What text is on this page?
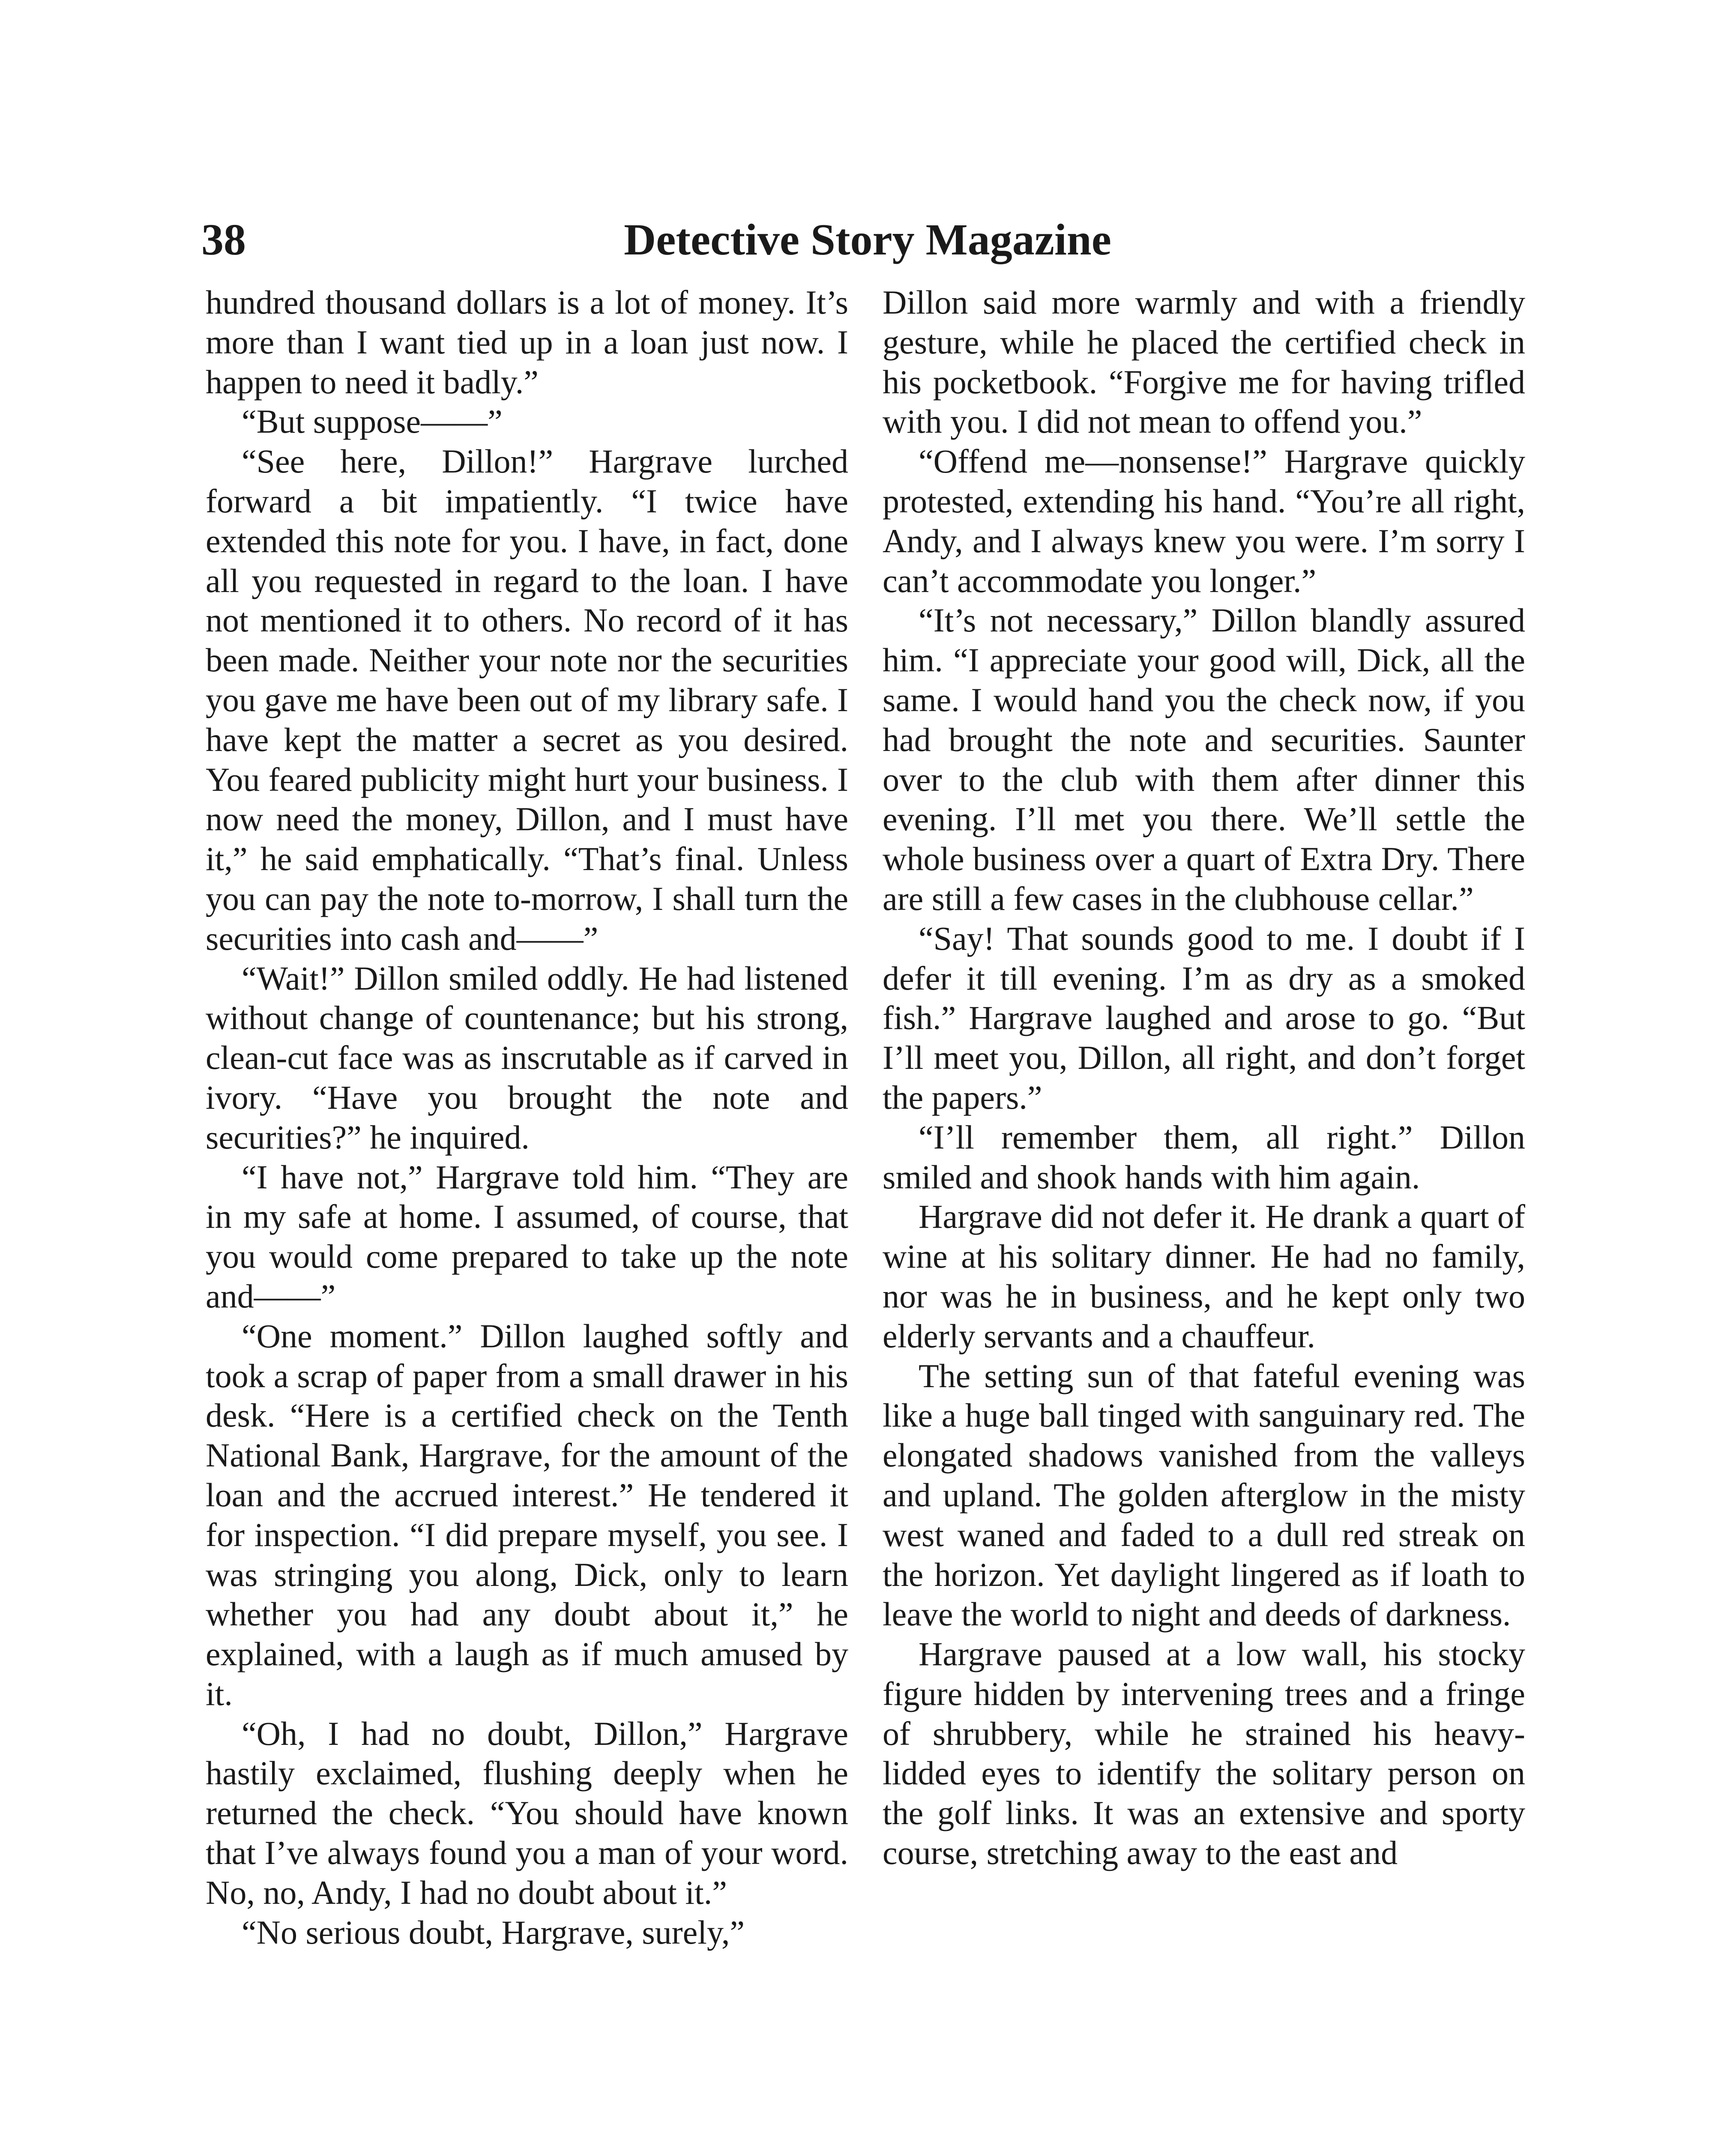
38	Detective Story Magazine

hundred thousand dollars is a lot of money. It’s more than I want tied up in a loan just now. I happen to need it badly.”

“But suppose——”

“See here, Dillon!” Hargrave lurched forward a bit impatiently. “I twice have extended this note for you. I have, in fact, done all you requested in regard to the loan. I have not mentioned it to others. No record of it has been made. Neither your note nor the securities you gave me have been out of my library safe. I have kept the matter a secret as you desired. You feared publicity might hurt your business. I now need the money, Dillon, and I must have it,” he said emphatically. “That’s final. Unless you can pay the note to-morrow, I shall turn the securities into cash and——”

“Wait!” Dillon smiled oddly. He had listened without change of countenance; but his strong, clean-cut face was as inscrutable as if carved in ivory. “Have you brought the note and securities?” he inquired.

“I have not,” Hargrave told him. “They are in my safe at home. I assumed, of course, that you would come prepared to take up the note and——”

“One moment.” Dillon laughed softly and took a scrap of paper from a small drawer in his desk. “Here is a certified check on the Tenth National Bank, Hargrave, for the amount of the loan and the accrued interest.” He tendered it for inspection. “I did prepare myself, you see. I was stringing you along, Dick, only to learn whether you had any doubt about it,” he explained, with a laugh as if much amused by it.

“Oh, I had no doubt, Dillon,” Hargrave hastily exclaimed, flushing deeply when he returned the check. “You should have known that I’ve always found you a man of your word. No, no, Andy, I had no doubt about it.”

“No serious doubt, Hargrave, surely,”

Dillon said more warmly and with a friendly gesture, while he placed the certified check in his pocketbook. “Forgive me for having trifled with you. I did not mean to offend you.”

“Offend me—nonsense!” Hargrave quickly protested, extending his hand. “You’re all right, Andy, and I always knew you were. I’m sorry I can’t accommodate you longer.”

“It’s not necessary,” Dillon blandly assured him. “I appreciate your good will, Dick, all the same. I would hand you the check now, if you had brought the note and securities. Saunter over to the club with them after dinner this evening. I’ll met you there. We’ll settle the whole business over a quart of Extra Dry. There are still a few cases in the clubhouse cellar.”

“Say! That sounds good to me. I doubt if I defer it till evening. I’m as dry as a smoked fish.” Hargrave laughed and arose to go. “But I’ll meet you, Dillon, all right, and don’t forget the papers.”

“I’ll remember them, all right.” Dillon smiled and shook hands with him again.

Hargrave did not defer it. He drank a quart of wine at his solitary dinner. He had no family, nor was he in business, and he kept only two elderly servants and a chauffeur.

The setting sun of that fateful evening was like a huge ball tinged with sanguinary red. The elongated shadows vanished from the valleys and upland. The golden afterglow in the misty west waned and faded to a dull red streak on the horizon. Yet daylight lingered as if loath to leave the world to night and deeds of darkness.

Hargrave paused at a low wall, his stocky figure hidden by intervening trees and a fringe of shrubbery, while he strained his heavy-lidded eyes to identify the solitary person on the golf links. It was an extensive and sporty course, stretching away to the east and
